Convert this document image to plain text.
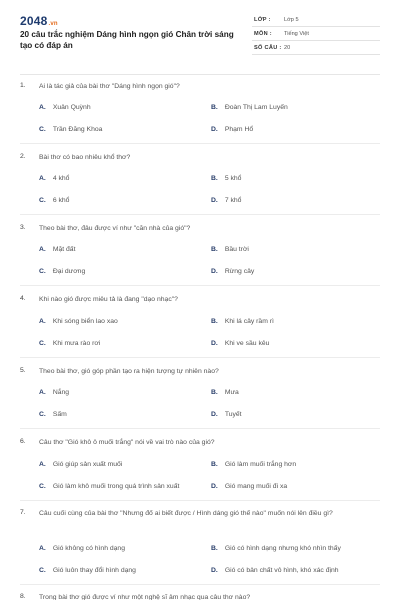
2048.vn
20 câu trắc nghiệm Dáng hình ngọn gió Chân trời sáng tạo có đáp án
LỚP : Lớp 5
MÔN : Tiếng Việt
SỐ CÂU : 20
1. Ai là tác giả của bài thơ "Dáng hình ngọn gió"?
A. Xuân Quỳnh	B. Đoàn Thị Lam Luyến
C. Trần Đăng Khoa	D. Phạm Hổ
2. Bài thơ có bao nhiêu khổ thơ?
A. 4 khổ	B. 5 khổ
C. 6 khổ	D. 7 khổ
3. Theo bài thơ, đâu được ví như "căn nhà của gió"?
A. Mặt đất	B. Bầu trời
C. Đại dương	D. Rừng cây
4. Khi nào gió được miêu tả là đang "dạo nhạc"?
A. Khi sóng biển lao xao	B. Khi lá cây rầm rì
C. Khi mưa rào rơi	D. Khi ve sầu kêu
5. Theo bài thơ, gió góp phần tạo ra hiện tượng tự nhiên nào?
A. Nắng	B. Mưa
C. Sấm	D. Tuyết
6. Câu thơ "Gió khô ô muối trắng" nói về vai trò nào của gió?
A. Gió giúp sản xuất muối	B. Gió làm muối trắng hơn
C. Gió làm khô muối trong quá trình sản xuất	D. Gió mang muối đi xa
7. Câu cuối cùng của bài thơ "Nhưng đố ai biết được / Hình dáng gió thế nào" muốn nói lên điều gì?
A. Gió không có hình dạng	B. Gió có hình dạng nhưng khó nhìn thấy
C. Gió luôn thay đổi hình dạng	D. Gió có bản chất vô hình, khó xác định
8. Trong bài thơ gió được ví như một nghệ sĩ âm nhạc qua câu thơ nào?
